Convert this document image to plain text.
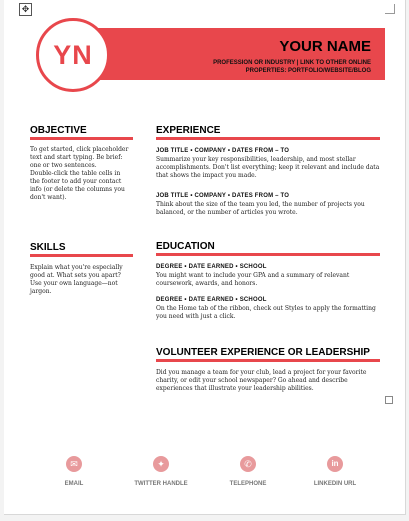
✥
YOUR NAME
PROFESSION OR INDUSTRY | LINK TO OTHER ONLINE
PROPERTIES: PORTFOLIO/WEBSITE/BLOG
YN
OBJECTIVE
To get started, click placeholder text and start typing. Be brief: one or two sentences.
Double-click the table cells in the footer to add your contact info (or delete the columns you don't want).
SKILLS
Explain what you're especially good at. What sets you apart? Use your own language—not jargon.
EXPERIENCE
JOB TITLE • COMPANY • DATES FROM – TO
Summarize your key responsibilities, leadership, and most stellar accomplishments. Don't list everything; keep it relevant and include data that shows the impact you made.
JOB TITLE • COMPANY • DATES FROM – TO
Think about the size of the team you led, the number of projects you balanced, or the number of articles you wrote.
EDUCATION
DEGREE • DATE EARNED • SCHOOL
You might want to include your GPA and a summary of relevant coursework, awards, and honors.
DEGREE • DATE EARNED • SCHOOL
On the Home tab of the ribbon, check out Styles to apply the formatting you need with just a click.
VOLUNTEER EXPERIENCE OR LEADERSHIP
Did you manage a team for your club, lead a project for your favorite charity, or edit your school newspaper? Go ahead and describe experiences that illustrate your leadership abilities.
✉
EMAIL
✦
TWITTER HANDLE
✆
TELEPHONE
in
LINKEDIN URL
